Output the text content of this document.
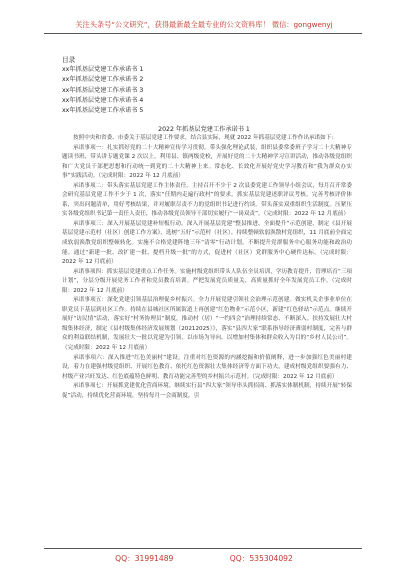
关注头条号“公文研究”，获得最新最全最专业的公文资料库！ 微信：gongwenyj
目录
xx年抓基层党建工作承诺书 1
xx年抓基层党建工作承诺书 2
xx年抓基层党建工作承诺书 3
xx年抓基层党建工作承诺书 4
xx年抓基层党建工作承诺书 5
2022 年抓基层党建工作承诺书 1

按照中央和省委、市委关于基层党建工作要求，结合县实际，现就 2022 年抓基层党建工作作出承诺如下：

承诺事项一：扎实抓好党的二十大精神宣传学习贯彻。带头强化理论武装，组织县委常委班子学习二十大精神专题读书班，带头讲专题党课 2 次以上。利用县、镇两级党校，开展好党的二十大精神学习宣讲活动，推动各级党组织和广大党员干部把思想和行动统一到党的二十大精神上来。常态化、长效化开展好党史学习教育和“我为群众办实事”实践活动。（完成时限：2022 年 12 月底前）

承诺事项二：带头落实基层党建工作主体责任。主持召开不少于 2 次县委党建工作领导小组会议，每月召开常委会研究基层党建工作不少于 1 次，落实“任期内走遍行政村”的要求。抓实基层党建述职评议考核，完善考核评价体系，突出问题清单，用好考核结果，并对履职尽责不力的党组织书记进行约谈。带头落实双重组织生活制度。压紧压实各级党组织书记第一责任人责任，推动各级党员领导干部切实履行“一岗双责”。（完成时限：2022 年 12 月底前）

承诺事项三：深入开展基层党建补短板行动。深入开展基层党建“整县推进、全面提升”示范创建，制定《县开展基层党建示范村（社区）创建工作方案》，选树“五好”示范村（社区）。持续整顿软弱涣散村党组织，11 月底前全面完成软弱涣散党组织整顿转化。实施不合格党建阵地三年“清零”行动计划，不断提升党群服务中心服务功能和政治功能。通过“新建一批、改扩建一批、提档升级一批”的方式，促进村（社区）党群服务中心硬件达标。（完成时限：2022 年 12 月底前）

承诺事项四：抓实基层党建重点工作任务。实施村级党组织带头人队伍全员培训，学历教育提升，管理培育“三项计划”，分层分级开展党务工作者和党员教育培训。严把发展党员质量关，高质量抓好全年发展党员工作。（完成时限：2022 年 12 月底前）

承诺事项五：深化党建引领基层治理促乡村振兴。全力开展党建引领社会治理示范创建。做实机关企事业单位在职党员下基层到社区工作。持续在县城社区所属街道上再创建“红色物业”示范小区，新建“红色驿站”示范点。继续开展好“访民情”活动，落实好“村务协理员”制度，推动村（居）“一约四会”治理持续常态、不断深入。扶持发展壮大村级集体经济，制定《县村级集体经济发展规划（20212025）》，落实“县四大家”联系指导经济薄弱村制度，完善与群众的利益联结机制，发展壮大一批以党建为引领、以市场为导向、以增加村集体和群众收入为目的“乡村人民公司”。（完成时限：2022 年 12 月底前）

承诺事项六：深入推进“红色美丽村”建设。注重对红色资源的内涵挖掘和价值阐释，进一步加强红色美丽村建设，着力在建强村级党组织、开展红色教育、依托红色资源壮大集体经济等方面下功夫，建成村级党组织要强有力、村级产业兴旺发达、红色底蕴特色鲜明、教育功能完善型的乡村振兴示范村。（完成时限：2022 年 12 月底前）

承诺事项七：开展抓党建优化营商环境。继续实行县“四大家”领导串头抓招商、抓落实体制机制，持续开展“转保促”活动，持续优化营商环境，坚持每月一会商制度，引

QQ：31991489	QQ：535304092
